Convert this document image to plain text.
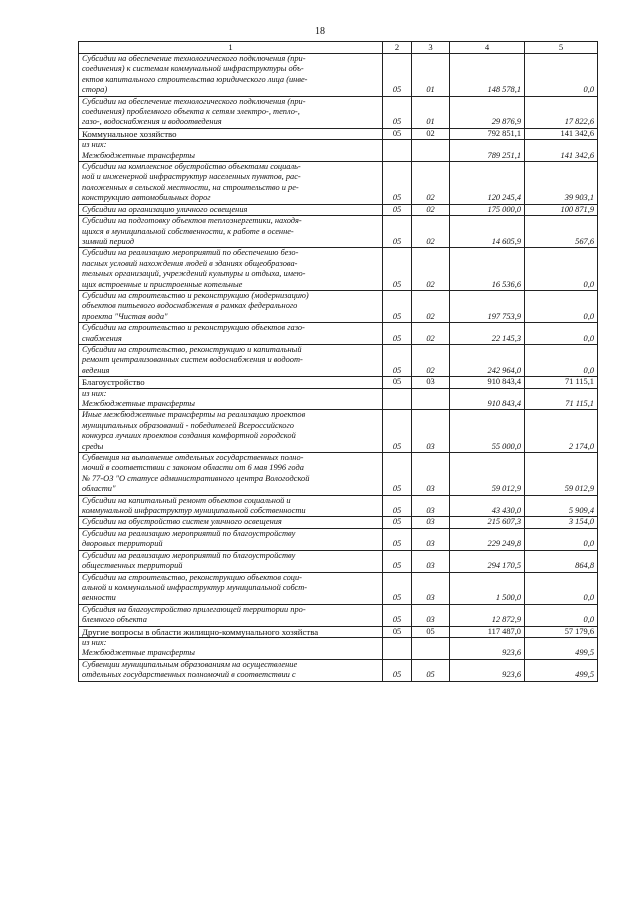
18
1	2	3	4	5
Субсидии на обеспечение технологического подключения (при-
соединения) к системам коммунальной инфраструктуры объ-
ектов капитального строительства юридического лица (инве-
стора)	05	01	148 578,1	0,0
Субсидии на обеспечение технологического подключения (при-
соединения) проблемного объекта к сетям электро-, тепло-,
газо-, водоснабжения и водоотведения	05	01	29 876,9	17 822,6
Коммунальное хозяйство	05	02	792 851,1	141 342,6
из них:
Межбюджетные трансферты			789 251,1	141 342,6
Субсидии на комплексное обустройство объектами социаль-
ной и инженерной инфраструктур населенных пунктов, рас-
положенных в сельской местности, на строительство и ре-
конструкцию автомобильных дорог	05	02	120 245,4	39 903,1
Субсидии на организацию уличного освещения	05	02	175 000,0	100 871,9
Субсидии на подготовку объектов теплоэнергетики, находя-
щихся в муниципальной собственности, к работе в осенне-
зимний период	05	02	14 605,9	567,6
Субсидии на реализацию мероприятий по обеспечению безо-
пасных условий нахождения людей в зданиях общеобразова-
тельных организаций, учреждений культуры и отдыха, имею-
щих встроенные и пристроенные котельные	05	02	16 536,6	0,0
Субсидии на строительство и реконструкцию (модернизацию)
объектов питьевого водоснабжения в рамках федерального
проекта "Чистая вода"	05	02	197 753,9	0,0
Субсидии на строительство и реконструкцию объектов газо-
снабжения	05	02	22 145,3	0,0
Субсидии на строительство, реконструкцию и капитальный
ремонт централизованных систем водоснабжения и водоот-
ведения	05	02	242 964,0	0,0
Благоустройство	05	03	910 843,4	71 115,1
из них:
Межбюджетные трансферты			910 843,4	71 115,1
Иные межбюджетные трансферты на реализацию проектов
муниципальных образований - победителей Всероссийского
конкурса лучших проектов создания комфортной городской
среды	05	03	55 000,0	2 174,0
Субвенция на выполнение отдельных государственных полно-
мочий в соответствии с законом области от 6 мая 1996 года
№ 77-ОЗ "О статусе административного центра Вологодской
области"	05	03	59 012,9	59 012,9
Субсидии на капитальный ремонт объектов социальной и
коммунальной инфраструктур муниципальной собственности	05	03	43 430,0	5 909,4
Субсидии на обустройство систем уличного освещения	05	03	215 607,3	3 154,0
Субсидии на реализацию мероприятий по благоустройству
дворовых территорий	05	03	229 249,8	0,0
Субсидии на реализацию мероприятий по благоустройству
общественных территорий	05	03	294 170,5	864,8
Субсидии на строительство, реконструкцию объектов соци-
альной и коммунальной инфраструктур муниципальной собст-
венности	05	03	1 500,0	0,0
Субсидия на благоустройство прилегающей территории про-
блемного объекта	05	03	12 872,9	0,0
Другие вопросы в области жилищно-коммунального хозяйства	05	05	117 487,0	57 179,6
из них:
Межбюджетные трансферты			923,6	499,5
Субвенции муниципальным образованиям на осуществление
отдельных государственных полномочий в соответствии с	05	05	923,6	499,5
